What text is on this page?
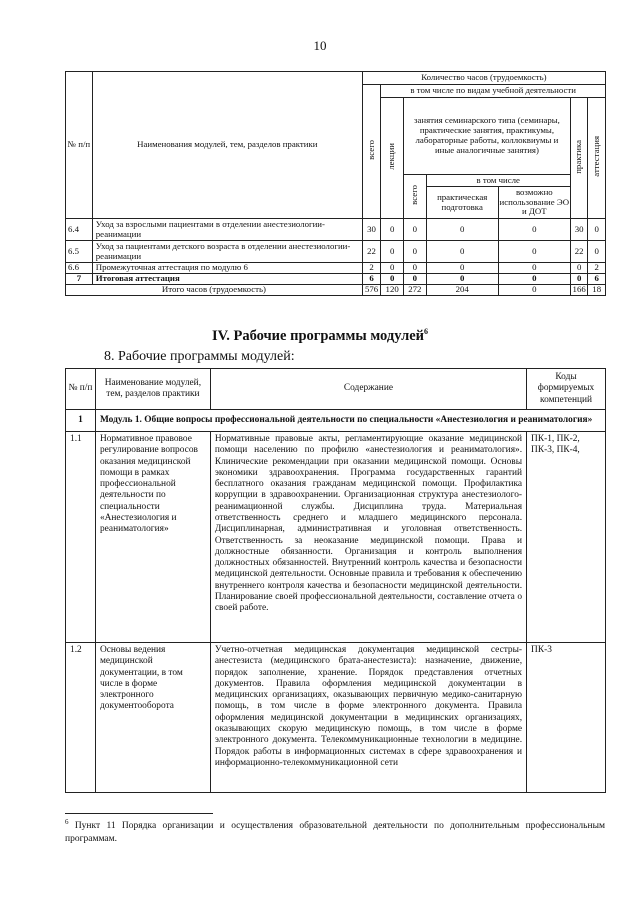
10
№ п/п	Наименования модулей, тем, разделов практики	Количество часов (трудоемкость)						
		всего	в том числе по видам учебной деятельности					
			лекции	занятия семинарского типа (семинары, практические занятия, практикумы, лабораторные работы, коллоквиумы и иные аналогичные занятия)			практика	аттестация
				всего	в том числе			
					практическая подготовка	возможно использование ЭО и ДОТ		
6.4	Уход за взрослыми пациентами в отделении анестезиологии-реанимации	30	0	0	0	0	30	0
6.5	Уход за пациентами детского возраста в отделении анестезиологии-реанимации	22	0	0	0	0	22	0
6.6	Промежуточная аттестация по модулю 6	2	0	0	0	0	0	2
7	Итоговая аттестация	6	0	0	0	0	0	6
Итого часов (трудоемкость)		576	120	272	204	0	166	18
IV. Рабочие программы модулей$^6$
8. Рабочие программы модулей:
№ п/п	Наименование модулей, тем, разделов практики	Содержание	Коды формируемых компетенций
1	Модуль 1. Общие вопросы профессиональной деятельности по специальности «Анестезиология и реаниматология»		
1.1	Нормативное правовое регулирование вопросов оказания медицинской помощи в рамках профессиональной деятельности по специальности «Анестезиология и реаниматология»	Нормативные правовые акты, регламентирующие оказание медицинской помощи населению по профилю «анестезиология и реаниматология». Клинические рекомендации при оказании медицинской помощи. Основы экономики здравоохранения. Программа государственных гарантий бесплатного оказания гражданам медицинской помощи. Профилактика коррупции в здравоохранении. Организационная структура анестезиолого-реанимационной службы. Дисциплина труда. Материальная ответственность среднего и младшего медицинского персонала. Дисциплинарная, административная и уголовная ответственность. Ответственность за неоказание медицинской помощи. Права и должностные обязанности. Организация и контроль выполнения должностных обязанностей. Внутренний контроль качества и безопасности медицинской деятельности. Основные правила и требования к обеспечению внутреннего контроля качества и безопасности медицинской деятельности. Планирование своей профессиональной деятельности, составление отчета о своей работе.	ПК-1, ПК-2, ПК-3, ПК-4,
1.2	Основы ведения медицинской документации, в том числе в форме электронного документооборота	Учетно-отчетная медицинская документация медицинской сестры-анестезиста (медицинского брата-анестезиста): назначение, движение, порядок заполнение, хранение. Порядок представления отчетных документов. Правила оформления медицинской документации в медицинских организациях, оказывающих первичную медико-санитарную помощь, в том числе в форме электронного документа. Правила оформления медицинской документации в медицинских организациях, оказывающих скорую медицинскую помощь, в том числе в форме электронного документа. Телекоммуникационные технологии в медицине. Порядок работы в информационных системах в сфере здравоохранения и информационно-телекоммуникационной сети	ПК-3
$^6$ Пункт 11 Порядка организации и осуществления образовательной деятельности по дополнительным профессиональным программам.
